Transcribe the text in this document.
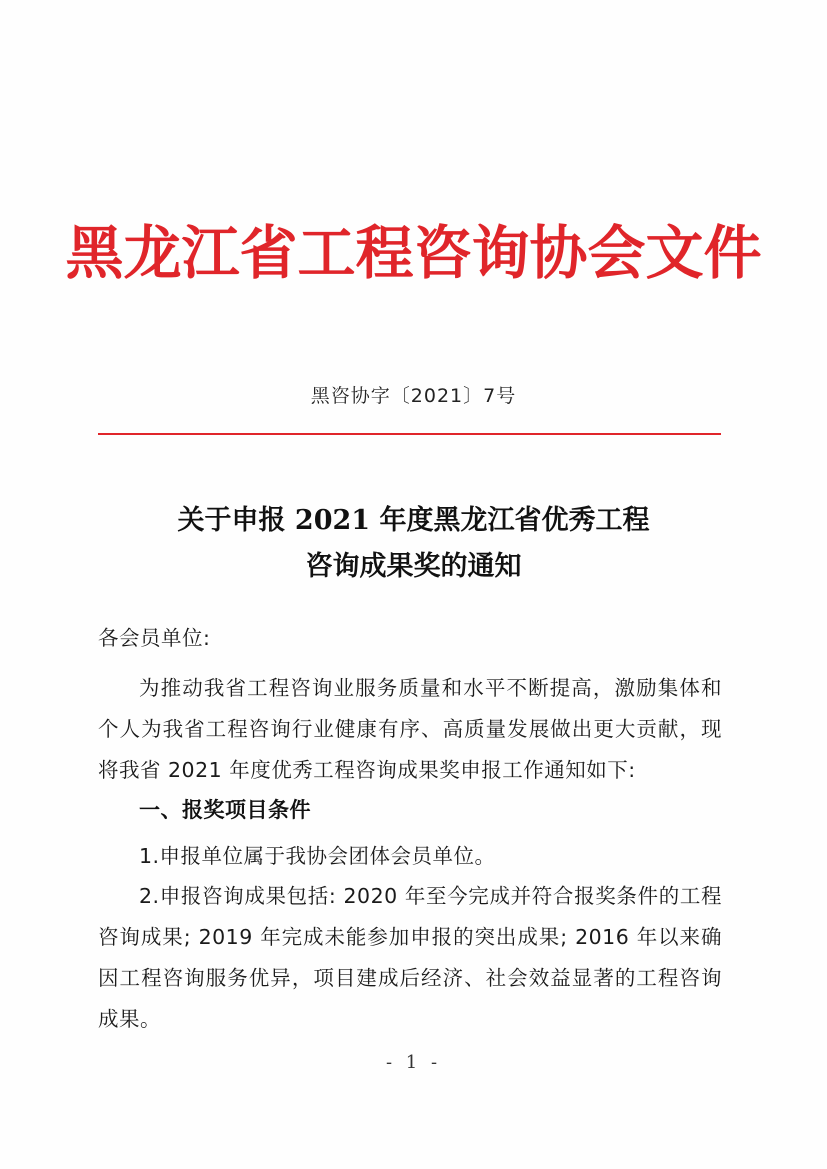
黑龙江省工程咨询协会文件
黑咨协字〔2021〕7号
关于申报 2021 年度黑龙江省优秀工程
咨询成果奖的通知
各会员单位:
为推动我省工程咨询业服务质量和水平不断提高，激励集体和个人为我省工程咨询行业健康有序、高质量发展做出更大贡献，现将我省 2021 年度优秀工程咨询成果奖申报工作通知如下:
一、报奖项目条件
1.申报单位属于我协会团体会员单位。
2.申报咨询成果包括: 2020 年至今完成并符合报奖条件的工程咨询成果; 2019 年完成未能参加申报的突出成果; 2016 年以来确因工程咨询服务优异，项目建成后经济、社会效益显著的工程咨询成果。
- 1 -
